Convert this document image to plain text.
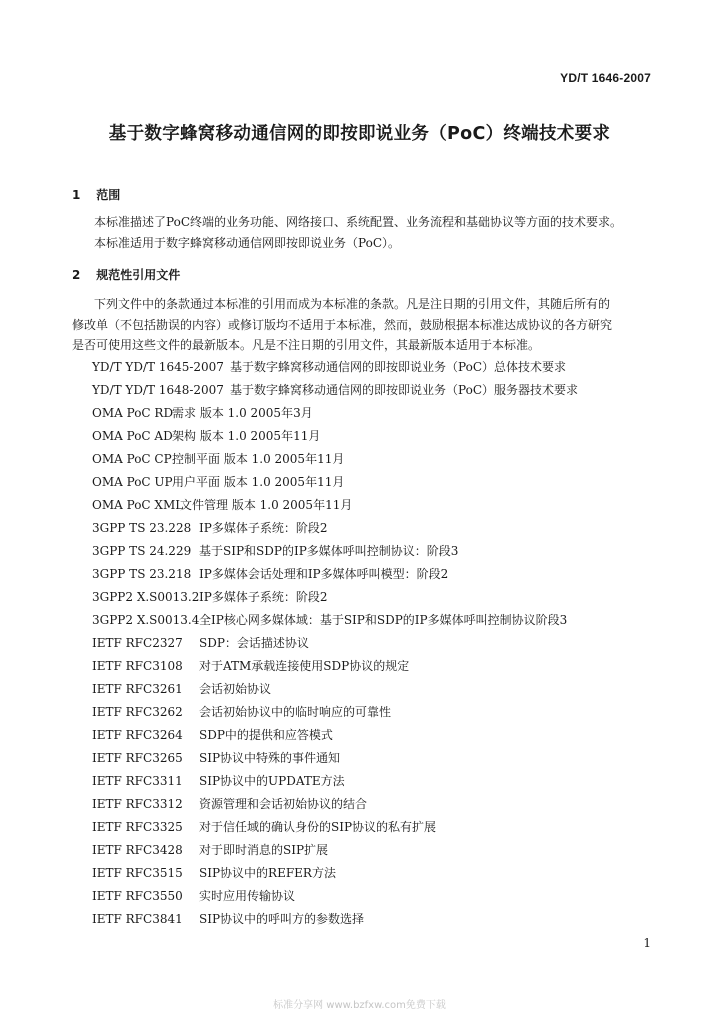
YD/T 1646-2007
基于数字蜂窝移动通信网的即按即说业务（PoC）终端技术要求
1 范围
本标准描述了PoC终端的业务功能、网络接口、系统配置、业务流程和基础协议等方面的技术要求。
本标准适用于数字蜂窝移动通信网即按即说业务（PoC）。
2 规范性引用文件
下列文件中的条款通过本标准的引用而成为本标准的条款。凡是注日期的引用文件，其随后所有的
修改单（不包括勘误的内容）或修订版均不适用于本标准，然而，鼓励根据本标准达成协议的各方研究
是否可使用这些文件的最新版本。凡是不注日期的引用文件，其最新版本适用于本标准。
YD/T YD/T 1645-2007 基于数字蜂窝移动通信网的即按即说业务（PoC）总体技术要求
YD/T YD/T 1648-2007 基于数字蜂窝移动通信网的即按即说业务（PoC）服务器技术要求
OMA PoC RD需求 版本 1.0 2005年3月
OMA PoC AD架构 版本 1.0 2005年11月
OMA PoC CP控制平面 版本 1.0 2005年11月
OMA PoC UP用户平面 版本 1.0 2005年11月
OMA PoC XML文件管理 版本 1.0 2005年11月
3GPP TS 23.228 IP多媒体子系统：阶段2
3GPP TS 24.229 基于SIP和SDP的IP多媒体呼叫控制协议：阶段3
3GPP TS 23.218 IP多媒体会话处理和IP多媒体呼叫模型：阶段2
3GPP2 X.S0013.2IP多媒体子系统：阶段2
3GPP2 X.S0013.4全IP核心网多媒体域：基于SIP和SDP的IP多媒体呼叫控制协议阶段3
IETF RFC2327 SDP：会话描述协议
IETF RFC3108 对于ATM承载连接使用SDP协议的规定
IETF RFC3261 会话初始协议
IETF RFC3262 会话初始协议中的临时响应的可靠性
IETF RFC3264 SDP中的提供和应答模式
IETF RFC3265 SIP协议中特殊的事件通知
IETF RFC3311 SIP协议中的UPDATE方法
IETF RFC3312 资源管理和会话初始协议的结合
IETF RFC3325 对于信任域的确认身份的SIP协议的私有扩展
IETF RFC3428 对于即时消息的SIP扩展
IETF RFC3515 SIP协议中的REFER方法
IETF RFC3550 实时应用传输协议
IETF RFC3841 SIP协议中的呼叫方的参数选择
1
标准分享网 www.bzfxw.com免费下载
